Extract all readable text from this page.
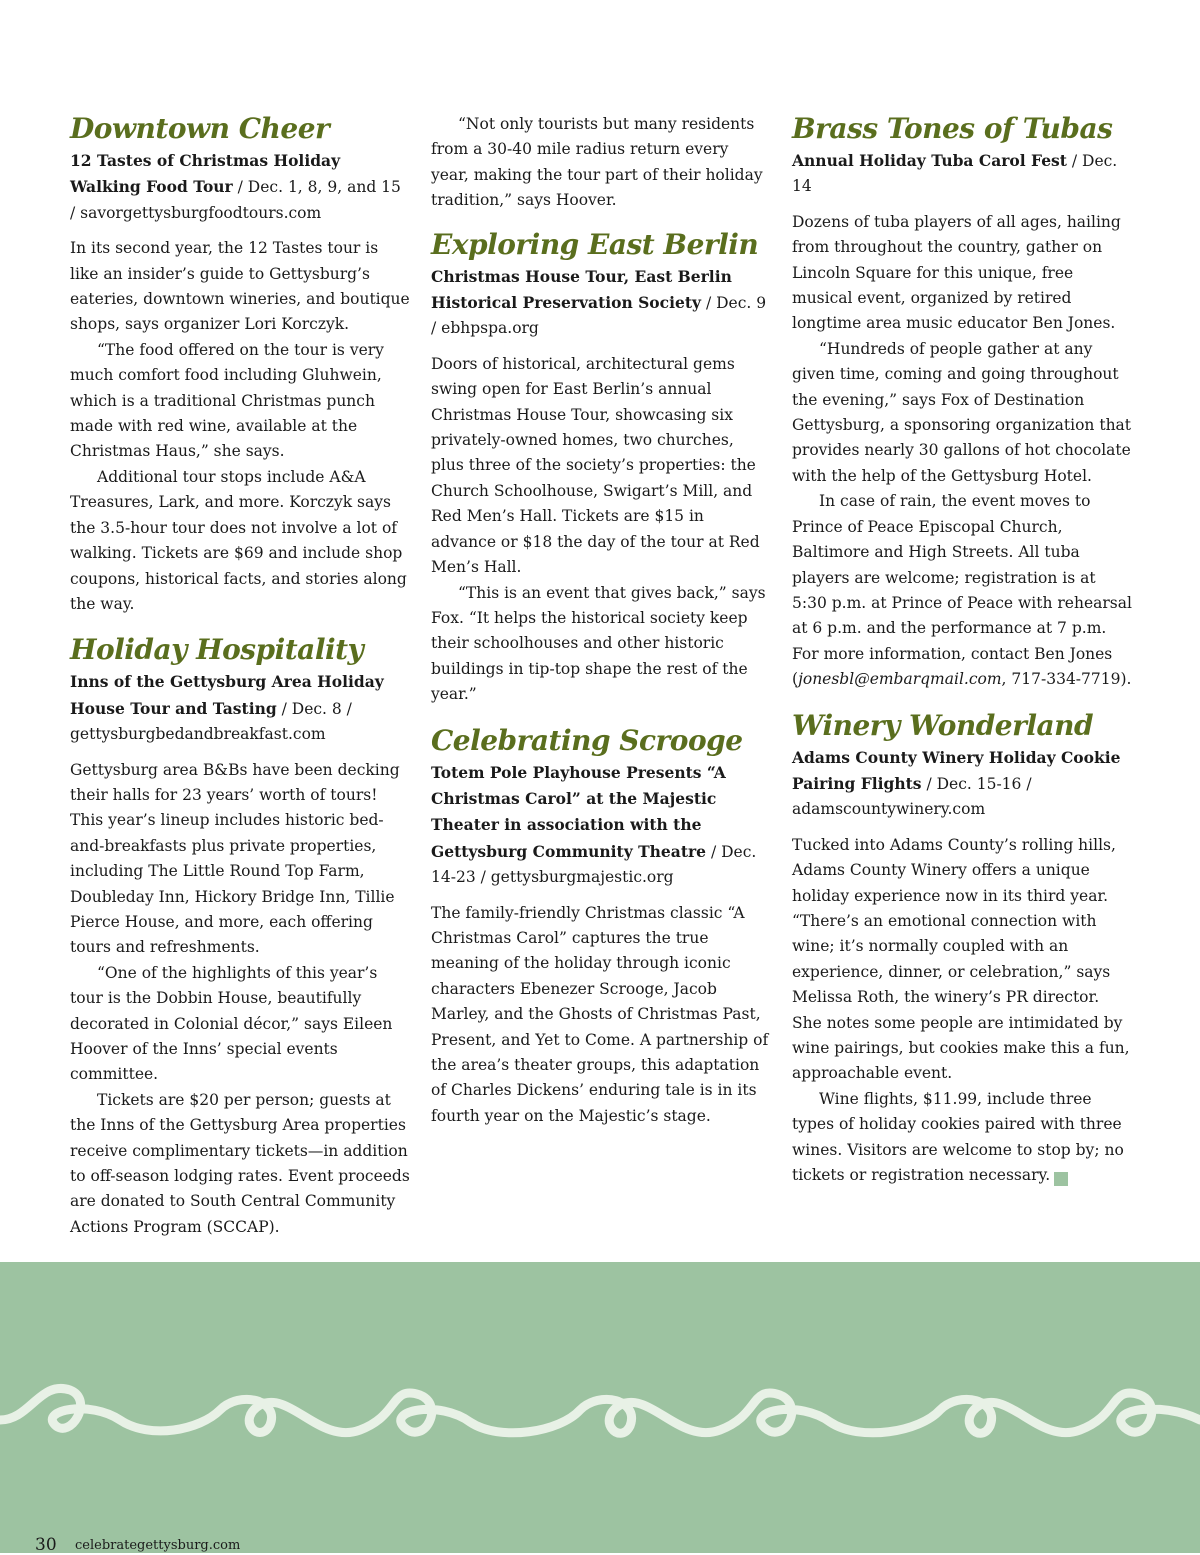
Downtown Cheer

12 Tastes of Christmas Holiday Walking Food Tour / Dec. 1, 8, 9, and 15 / savorgettysburgfoodtours.com

In its second year, the 12 Tastes tour is like an insider’s guide to Gettysburg’s eateries, downtown wineries, and boutique shops, says organizer Lori Korczyk.

“The food offered on the tour is very much comfort food including Gluhwein, which is a traditional Christmas punch made with red wine, available at the Christmas Haus,” she says.

Additional tour stops include A&A Treasures, Lark, and more. Korczyk says the 3.5-hour tour does not involve a lot of walking. Tickets are $69 and include shop coupons, historical facts, and stories along the way.

Holiday Hospitality

Inns of the Gettysburg Area Holiday House Tour and Tasting / Dec. 8 / gettysburgbedandbreakfast.com

Gettysburg area B&Bs have been decking their halls for 23 years’ worth of tours! This year’s lineup includes historic bed-and-breakfasts plus private properties, including The Little Round Top Farm, Doubleday Inn, Hickory Bridge Inn, Tillie Pierce House, and more, each offering tours and refreshments.

“One of the highlights of this year’s tour is the Dobbin House, beautifully decorated in Colonial décor,” says Eileen Hoover of the Inns’ special events committee.

Tickets are $20 per person; guests at the Inns of the Gettysburg Area properties receive complimentary tickets—in addition to off-season lodging rates. Event proceeds are donated to South Central Community Actions Program (SCCAP).

“Not only tourists but many residents from a 30-40 mile radius return every year, making the tour part of their holiday tradition,” says Hoover.

Exploring East Berlin

Christmas House Tour, East Berlin Historical Preservation Society / Dec. 9 / ebhpspa.org

Doors of historical, architectural gems swing open for East Berlin’s annual Christmas House Tour, showcasing six privately-owned homes, two churches, plus three of the society’s properties: the Church Schoolhouse, Swigart’s Mill, and Red Men’s Hall. Tickets are $15 in advance or $18 the day of the tour at Red Men’s Hall.

“This is an event that gives back,” says Fox. “It helps the historical society keep their schoolhouses and other historic buildings in tip-top shape the rest of the year.”

Celebrating Scrooge

Totem Pole Playhouse Presents “A Christmas Carol” at the Majestic Theater in association with the Gettysburg Community Theatre / Dec. 14-23 / gettysburgmajestic.org

The family-friendly Christmas classic “A Christmas Carol” captures the true meaning of the holiday through iconic characters Ebenezer Scrooge, Jacob Marley, and the Ghosts of Christmas Past, Present, and Yet to Come. A partnership of the area’s theater groups, this adaptation of Charles Dickens’ enduring tale is in its fourth year on the Majestic’s stage.

Brass Tones of Tubas

Annual Holiday Tuba Carol Fest / Dec. 14

Dozens of tuba players of all ages, hailing from throughout the country, gather on Lincoln Square for this unique, free musical event, organized by retired longtime area music educator Ben Jones.

“Hundreds of people gather at any given time, coming and going throughout the evening,” says Fox of Destination Gettysburg, a sponsoring organization that provides nearly 30 gallons of hot chocolate with the help of the Gettysburg Hotel.

In case of rain, the event moves to Prince of Peace Episcopal Church, Baltimore and High Streets. All tuba players are welcome; registration is at 5:30 p.m. at Prince of Peace with rehearsal at 6 p.m. and the performance at 7 p.m. For more information, contact Ben Jones (jonesbl@embarqmail.com, 717-334-7719).

Winery Wonderland

Adams County Winery Holiday Cookie Pairing Flights / Dec. 15-16 / adamscountywinery.com

Tucked into Adams County’s rolling hills, Adams County Winery offers a unique holiday experience now in its third year. “There’s an emotional connection with wine; it’s normally coupled with an experience, dinner, or celebration,” says Melissa Roth, the winery’s PR director. She notes some people are intimidated by wine pairings, but cookies make this a fun, approachable event.

Wine flights, $11.99, include three types of holiday cookies paired with three wines. Visitors are welcome to stop by; no tickets or registration necessary.	g

30 celebrategettysburg.com
